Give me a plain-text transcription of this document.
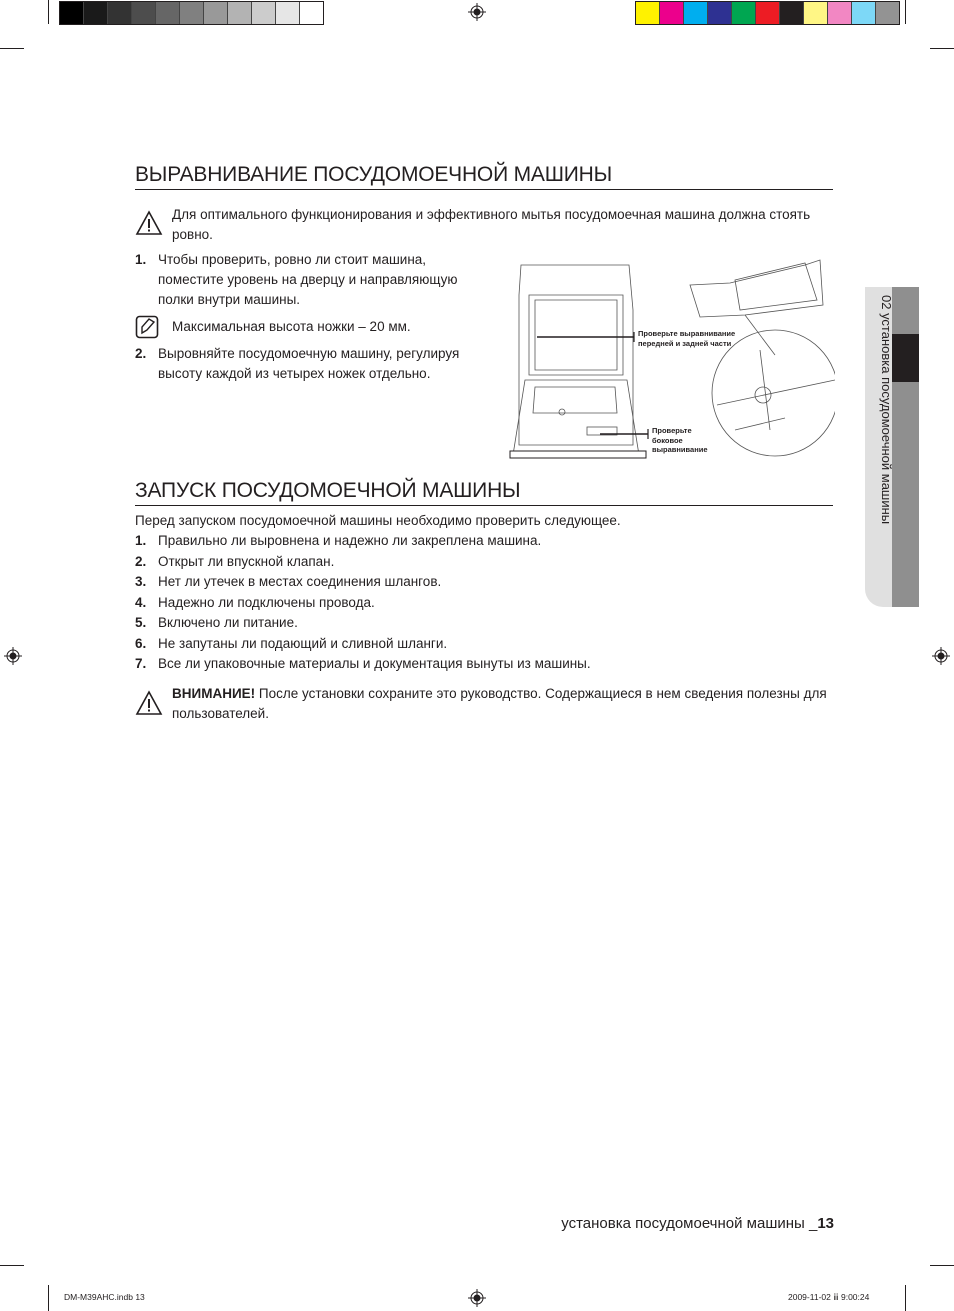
02 установка посудомоечной машины
ВЫРАВНИВАНИЕ ПОСУДОМОЕЧНОЙ МАШИНЫ
Для оптимального функционирования и эффективного мытья посудомоечная машина должна стоять ровно.
1. Чтобы проверить, ровно ли стоит машина, поместите уровень на дверцу и направляющую полки внутри машины.
Максимальная высота ножки – 20 мм.
2. Выровняйте посудомоечную машину, регулируя высоту каждой из четырех ножек отдельно.
Проверьте выравнивание передней и задней части
Проверьте боковое выравнивание
ЗАПУСК ПОСУДОМОЕЧНОЙ МАШИНЫ
Перед запуском посудомоечной машины необходимо проверить следующее.
1. Правильно ли выровнена и надежно ли закреплена машина.
2. Открыт ли впускной клапан.
3. Нет ли утечек в местах соединения шлангов.
4. Надежно ли подключены провода.
5. Включено ли питание.
6. Не запутаны ли подающий и сливной шланги.
7. Все ли упаковочные материалы и документация вынуты из машины.
ВНИМАНИЕ! После установки сохраните это руководство. Содержащиеся в нем сведения полезны для пользователей.
установка посудомоечной машины _13
DM-M39AHC.indb 13	2009-11-02 ⅲ 9:00:24
